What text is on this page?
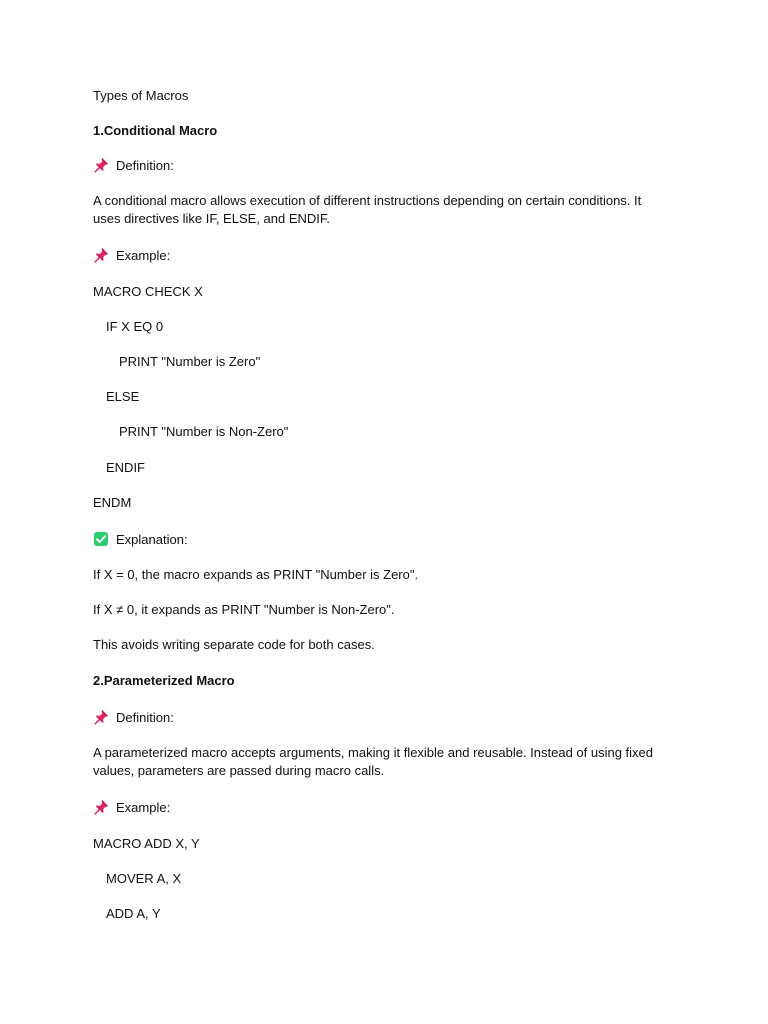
Types of Macros
1.Conditional Macro
Definition:
A conditional macro allows execution of different instructions depending on certain conditions. It uses directives like IF, ELSE, and ENDIF.
Example:
MACRO CHECK X
IF X EQ 0
PRINT "Number is Zero"
ELSE
PRINT "Number is Non-Zero"
ENDIF
ENDM
Explanation:
If X = 0, the macro expands as PRINT "Number is Zero".
If X ≠ 0, it expands as PRINT "Number is Non-Zero".
This avoids writing separate code for both cases.
2.Parameterized Macro
Definition:
A parameterized macro accepts arguments, making it flexible and reusable. Instead of using fixed values, parameters are passed during macro calls.
Example:
MACRO ADD X, Y
MOVER A, X
ADD A, Y
